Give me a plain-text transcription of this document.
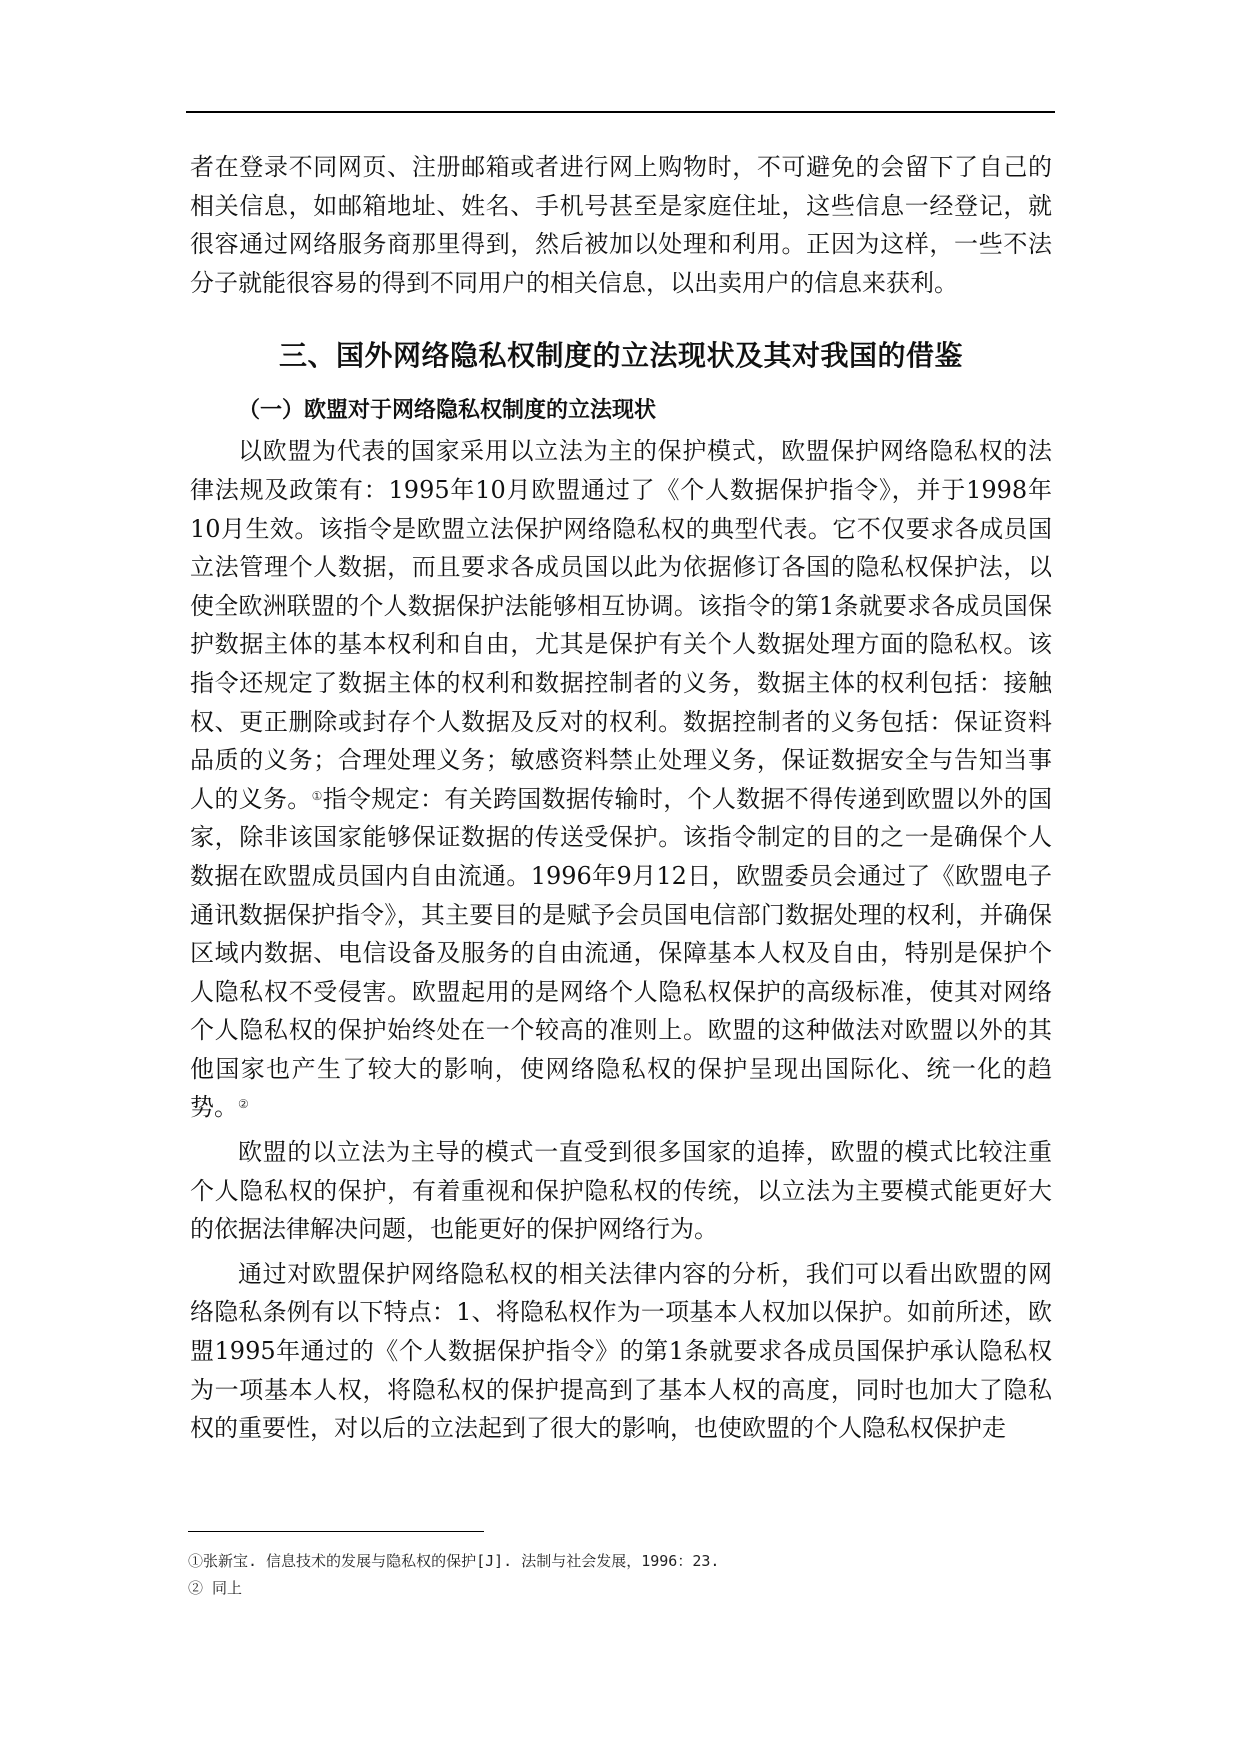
者在登录不同网页、注册邮箱或者进行网上购物时，不可避免的会留下了自己的相关信息，如邮箱地址、姓名、手机号甚至是家庭住址，这些信息一经登记，就很容通过网络服务商那里得到，然后被加以处理和利用。正因为这样，一些不法分子就能很容易的得到不同用户的相关信息，以出卖用户的信息来获利。

三、国外网络隐私权制度的立法现状及其对我国的借鉴
（一）欧盟对于网络隐私权制度的立法现状

以欧盟为代表的国家采用以立法为主的保护模式，欧盟保护网络隐私权的法律法规及政策有：1995年10月欧盟通过了《个人数据保护指令》，并于1998年10月生效。该指令是欧盟立法保护网络隐私权的典型代表。它不仅要求各成员国立法管理个人数据，而且要求各成员国以此为依据修订各国的隐私权保护法，以使全欧洲联盟的个人数据保护法能够相互协调。该指令的第1条就要求各成员国保护数据主体的基本权利和自由，尤其是保护有关个人数据处理方面的隐私权。该指令还规定了数据主体的权利和数据控制者的义务，数据主体的权利包括：接触权、更正删除或封存个人数据及反对的权利。数据控制者的义务包括：保证资料品质的义务；合理处理义务；敏感资料禁止处理义务，保证数据安全与告知当事人的义务。①指令规定：有关跨国数据传输时，个人数据不得传递到欧盟以外的国家，除非该国家能够保证数据的传送受保护。该指令制定的目的之一是确保个人数据在欧盟成员国内自由流通。1996年9月12日，欧盟委员会通过了《欧盟电子通讯数据保护指令》，其主要目的是赋予会员国电信部门数据处理的权利，并确保区域内数据、电信设备及服务的自由流通，保障基本人权及自由，特别是保护个人隐私权不受侵害。欧盟起用的是网络个人隐私权保护的高级标准，使其对网络个人隐私权的保护始终处在一个较高的准则上。欧盟的这种做法对欧盟以外的其他国家也产生了较大的影响，使网络隐私权的保护呈现出国际化、统一化的趋势。②

欧盟的以立法为主导的模式一直受到很多国家的追捧，欧盟的模式比较注重个人隐私权的保护，有着重视和保护隐私权的传统，以立法为主要模式能更好大的依据法律解决问题，也能更好的保护网络行为。

通过对欧盟保护网络隐私权的相关法律内容的分析，我们可以看出欧盟的网络隐私条例有以下特点：1、将隐私权作为一项基本人权加以保护。如前所述，欧盟1995年通过的《个人数据保护指令》的第1条就要求各成员国保护承认隐私权为一项基本人权，将隐私权的保护提高到了基本人权的高度，同时也加大了隐私权的重要性，对以后的立法起到了很大的影响，也使欧盟的个人隐私权保护走

①张新宝. 信息技术的发展与隐私权的保护[J]. 法制与社会发展，1996：23.
② 同上
